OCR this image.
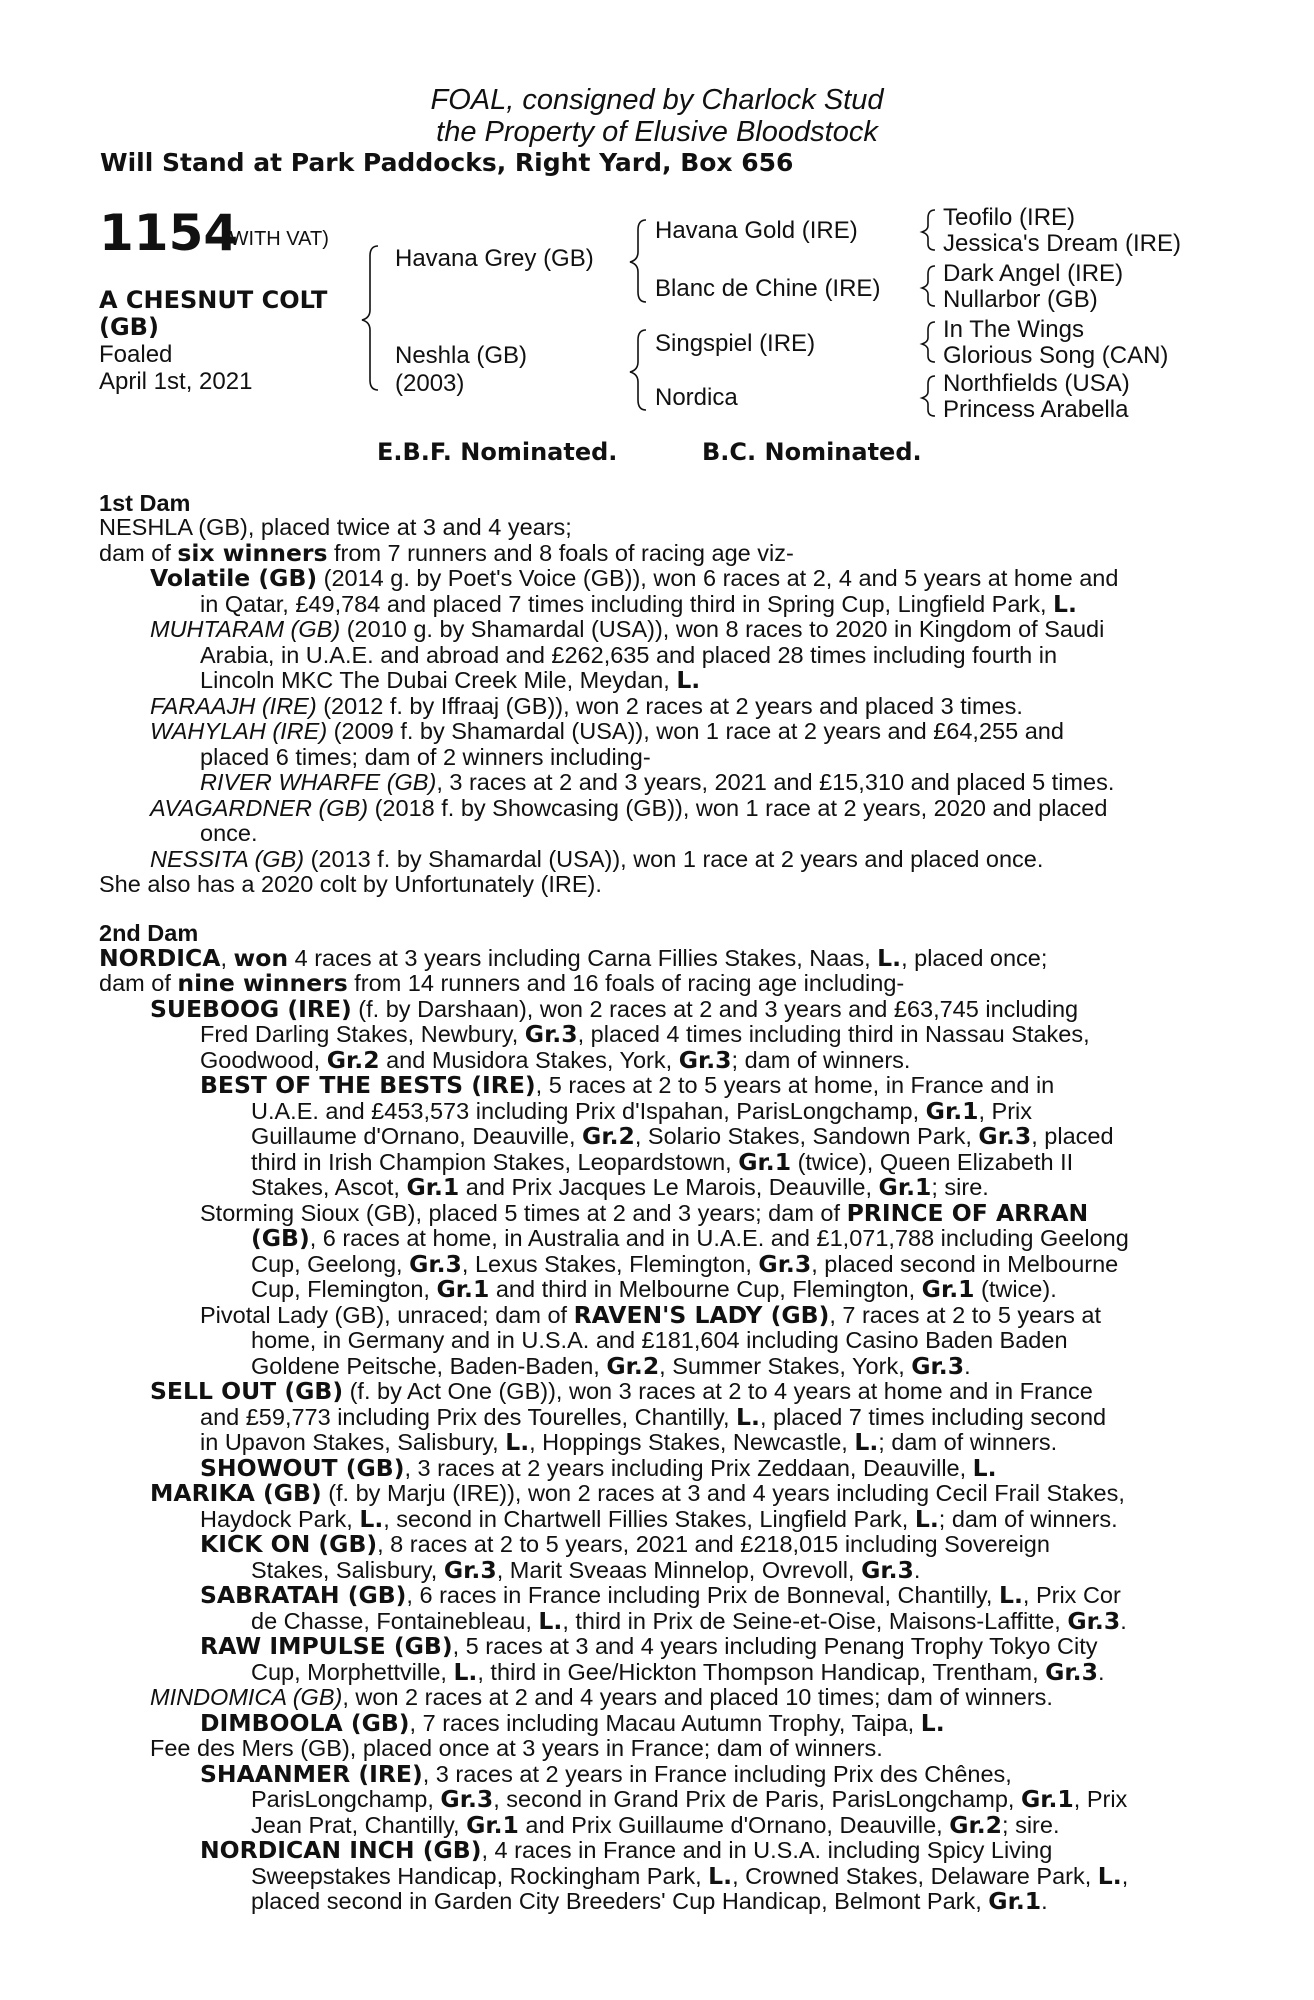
FOAL, consigned by Charlock Stud
the Property of Elusive Bloodstock
Will Stand at Park Paddocks, Right Yard, Box 656
1154
(WITH VAT)
A CHESNUT COLT
(GB)
Foaled
April 1st, 2021
Havana Grey (GB)
Neshla (GB)
(2003)
Havana Gold (IRE)
Blanc de Chine (IRE)
Singspiel (IRE)
Nordica
Teofilo (IRE)
Jessica's Dream (IRE)
Dark Angel (IRE)
Nullarbor (GB)
In The Wings
Glorious Song (CAN)
Northfields (USA)
Princess Arabella
E.B.F. Nominated.	B.C. Nominated.
1st Dam
NESHLA (GB), placed twice at 3 and 4 years;
dam of six winners from 7 runners and 8 foals of racing age viz-
Volatile (GB) (2014 g. by Poet's Voice (GB)), won 6 races at 2, 4 and 5 years at home and
in Qatar, £49,784 and placed 7 times including third in Spring Cup, Lingfield Park, L.
MUHTARAM (GB) (2010 g. by Shamardal (USA)), won 8 races to 2020 in Kingdom of Saudi
Arabia, in U.A.E. and abroad and £262,635 and placed 28 times including fourth in
Lincoln MKC The Dubai Creek Mile, Meydan, L.
FARAAJH (IRE) (2012 f. by Iffraaj (GB)), won 2 races at 2 years and placed 3 times.
WAHYLAH (IRE) (2009 f. by Shamardal (USA)), won 1 race at 2 years and £64,255 and
placed 6 times; dam of 2 winners including-
RIVER WHARFE (GB), 3 races at 2 and 3 years, 2021 and £15,310 and placed 5 times.
AVAGARDNER (GB) (2018 f. by Showcasing (GB)), won 1 race at 2 years, 2020 and placed
once.
NESSITA (GB) (2013 f. by Shamardal (USA)), won 1 race at 2 years and placed once.
She also has a 2020 colt by Unfortunately (IRE).
2nd Dam
NORDICA, won 4 races at 3 years including Carna Fillies Stakes, Naas, L., placed once;
dam of nine winners from 14 runners and 16 foals of racing age including-
SUEBOOG (IRE) (f. by Darshaan), won 2 races at 2 and 3 years and £63,745 including
Fred Darling Stakes, Newbury, Gr.3, placed 4 times including third in Nassau Stakes,
Goodwood, Gr.2 and Musidora Stakes, York, Gr.3; dam of winners.
BEST OF THE BESTS (IRE), 5 races at 2 to 5 years at home, in France and in
U.A.E. and £453,573 including Prix d'Ispahan, ParisLongchamp, Gr.1, Prix
Guillaume d'Ornano, Deauville, Gr.2, Solario Stakes, Sandown Park, Gr.3, placed
third in Irish Champion Stakes, Leopardstown, Gr.1 (twice), Queen Elizabeth II
Stakes, Ascot, Gr.1 and Prix Jacques Le Marois, Deauville, Gr.1; sire.
Storming Sioux (GB), placed 5 times at 2 and 3 years; dam of PRINCE OF ARRAN
(GB), 6 races at home, in Australia and in U.A.E. and £1,071,788 including Geelong
Cup, Geelong, Gr.3, Lexus Stakes, Flemington, Gr.3, placed second in Melbourne
Cup, Flemington, Gr.1 and third in Melbourne Cup, Flemington, Gr.1 (twice).
Pivotal Lady (GB), unraced; dam of RAVEN'S LADY (GB), 7 races at 2 to 5 years at
home, in Germany and in U.S.A. and £181,604 including Casino Baden Baden
Goldene Peitsche, Baden-Baden, Gr.2, Summer Stakes, York, Gr.3.
SELL OUT (GB) (f. by Act One (GB)), won 3 races at 2 to 4 years at home and in France
and £59,773 including Prix des Tourelles, Chantilly, L., placed 7 times including second
in Upavon Stakes, Salisbury, L., Hoppings Stakes, Newcastle, L.; dam of winners.
SHOWOUT (GB), 3 races at 2 years including Prix Zeddaan, Deauville, L.
MARIKA (GB) (f. by Marju (IRE)), won 2 races at 3 and 4 years including Cecil Frail Stakes,
Haydock Park, L., second in Chartwell Fillies Stakes, Lingfield Park, L.; dam of winners.
KICK ON (GB), 8 races at 2 to 5 years, 2021 and £218,015 including Sovereign
Stakes, Salisbury, Gr.3, Marit Sveaas Minnelop, Ovrevoll, Gr.3.
SABRATAH (GB), 6 races in France including Prix de Bonneval, Chantilly, L., Prix Cor
de Chasse, Fontainebleau, L., third in Prix de Seine-et-Oise, Maisons-Laffitte, Gr.3.
RAW IMPULSE (GB), 5 races at 3 and 4 years including Penang Trophy Tokyo City
Cup, Morphettville, L., third in Gee/Hickton Thompson Handicap, Trentham, Gr.3.
MINDOMICA (GB), won 2 races at 2 and 4 years and placed 10 times; dam of winners.
DIMBOOLA (GB), 7 races including Macau Autumn Trophy, Taipa, L.
Fee des Mers (GB), placed once at 3 years in France; dam of winners.
SHAANMER (IRE), 3 races at 2 years in France including Prix des Chênes,
ParisLongchamp, Gr.3, second in Grand Prix de Paris, ParisLongchamp, Gr.1, Prix
Jean Prat, Chantilly, Gr.1 and Prix Guillaume d'Ornano, Deauville, Gr.2; sire.
NORDICAN INCH (GB), 4 races in France and in U.S.A. including Spicy Living
Sweepstakes Handicap, Rockingham Park, L., Crowned Stakes, Delaware Park, L.,
placed second in Garden City Breeders' Cup Handicap, Belmont Park, Gr.1.
